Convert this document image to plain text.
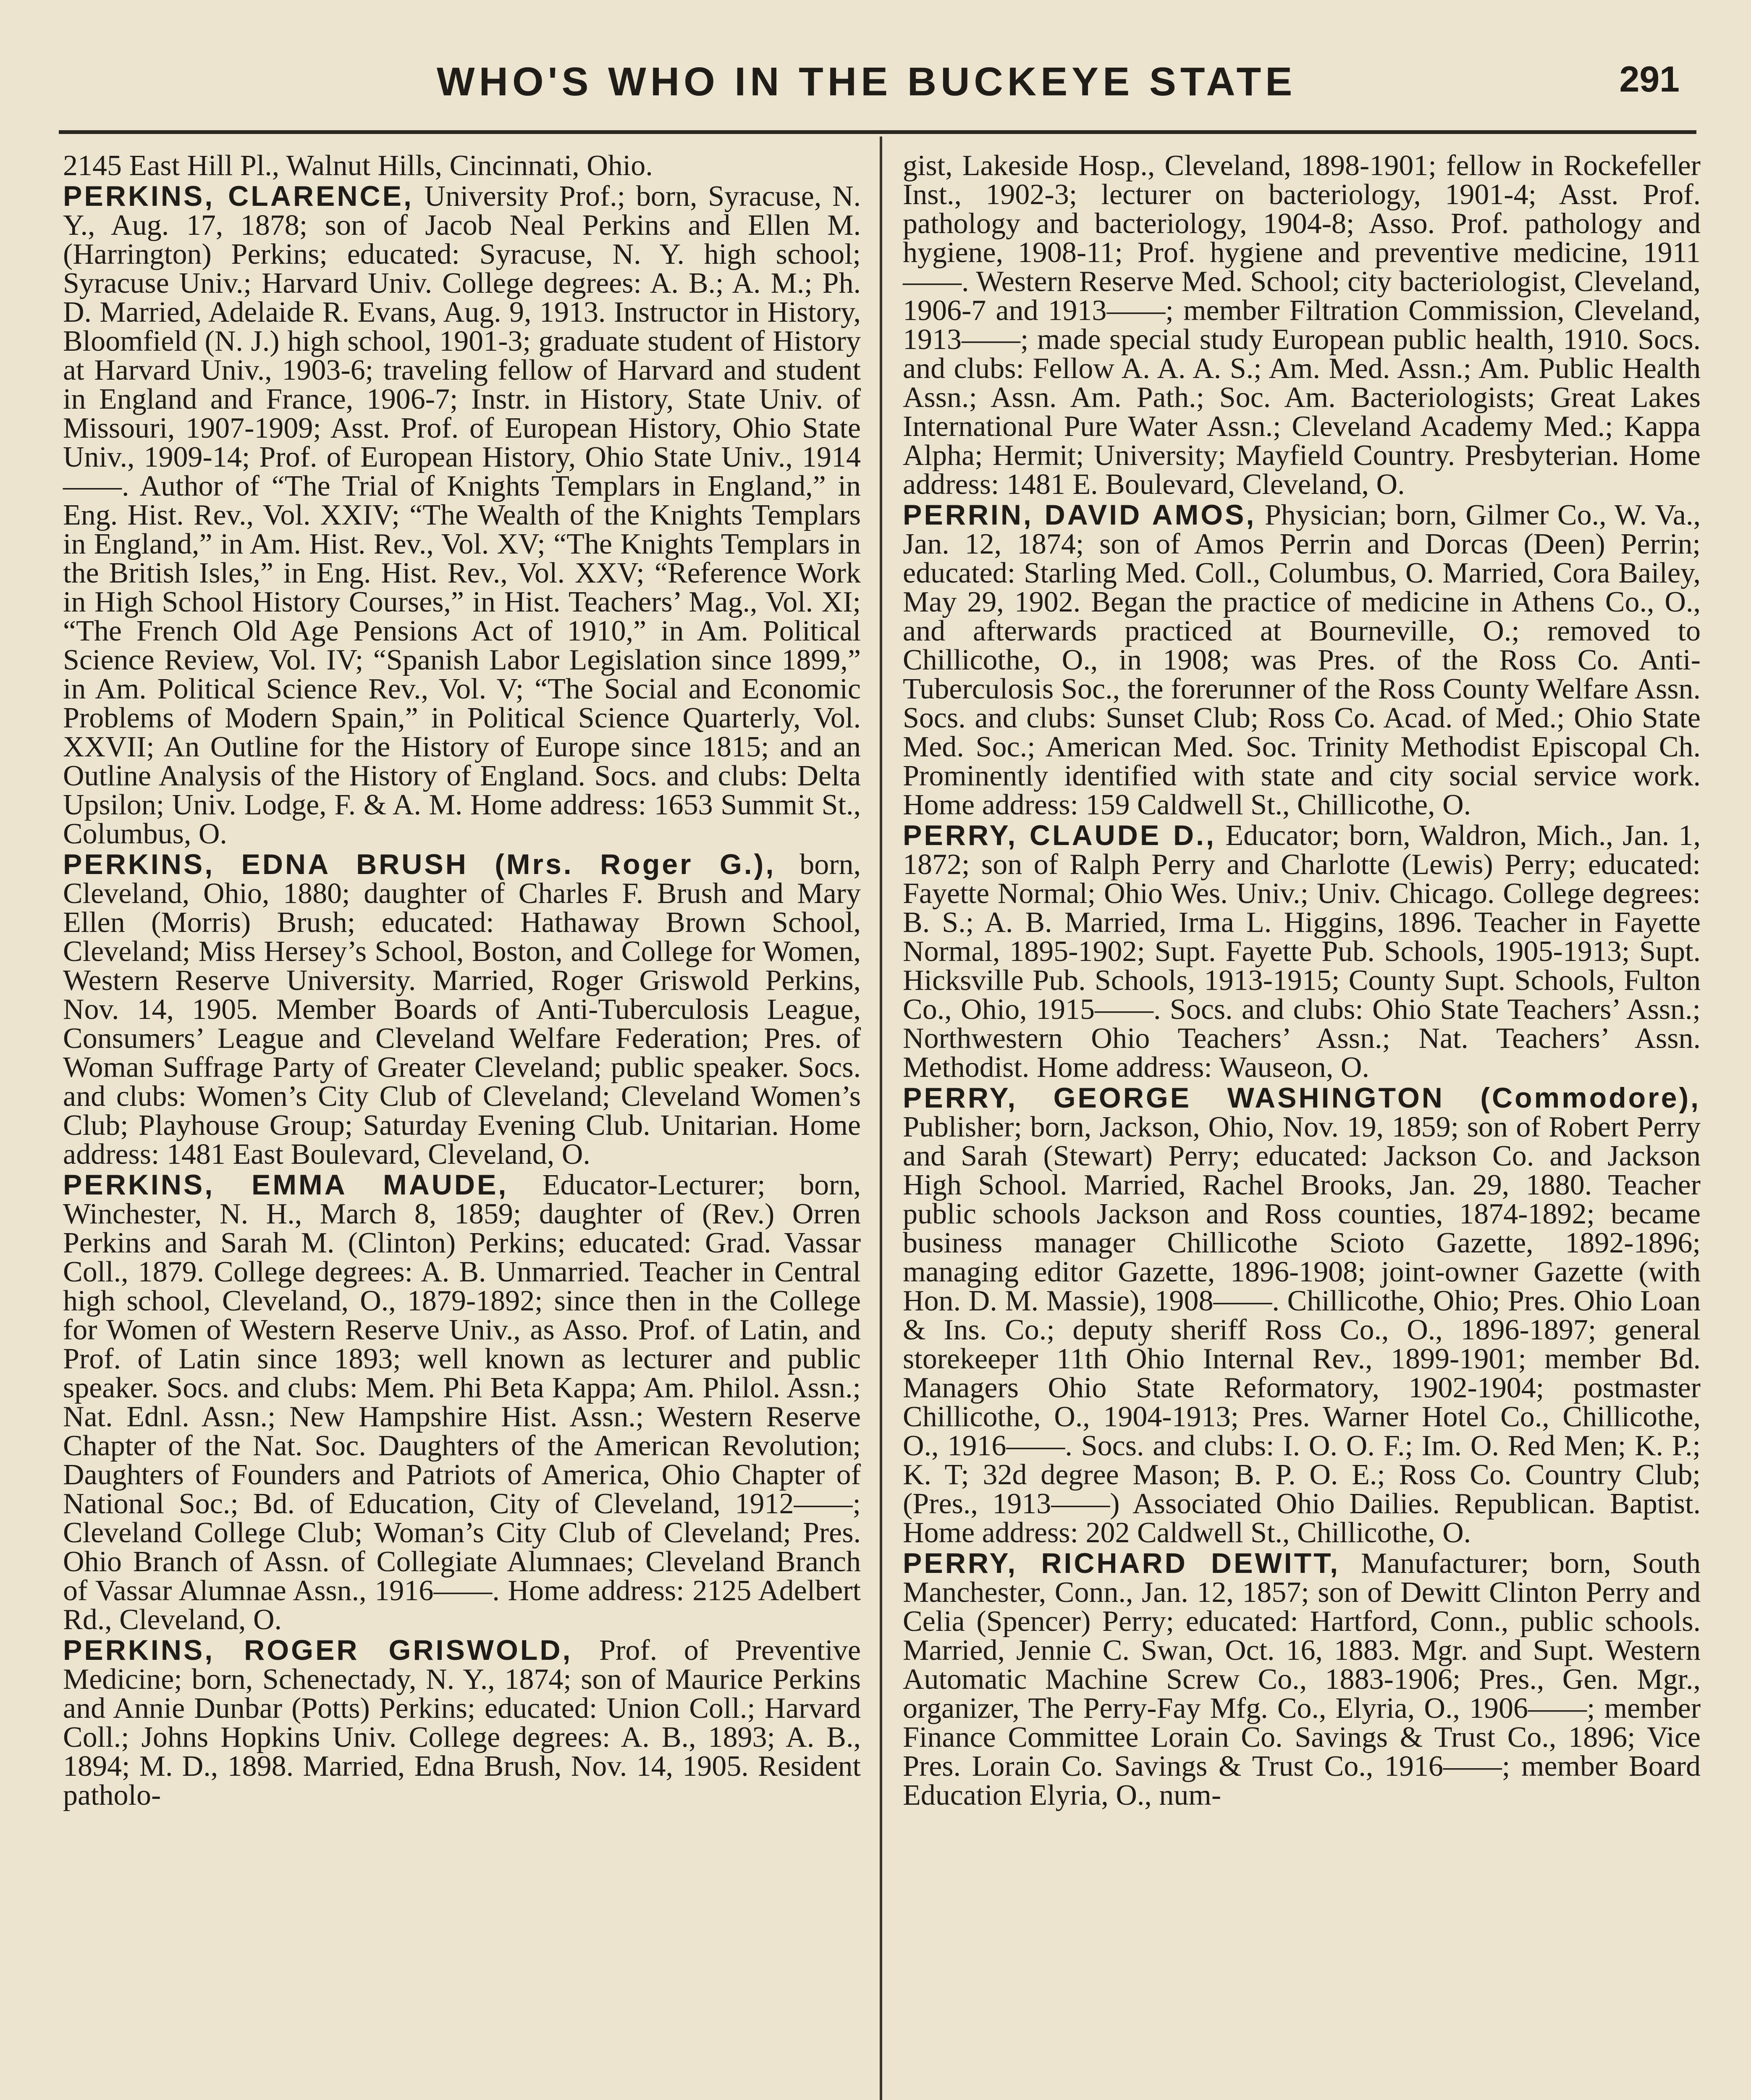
WHO'S WHO IN THE BUCKEYE STATE	291

2145 East Hill Pl., Walnut Hills, Cincinnati, Ohio.

PERKINS, CLARENCE, University Prof.; born, Syracuse, N. Y., Aug. 17, 1878; son of Jacob Neal Perkins and Ellen M. (Harrington) Perkins; educated: Syracuse, N. Y. high school; Syracuse Univ.; Harvard Univ. College degrees: A. B.; A. M.; Ph. D. Married, Adelaide R. Evans, Aug. 9, 1913. Instructor in History, Bloomfield (N. J.) high school, 1901-3; graduate student of History at Harvard Univ., 1903-6; traveling fellow of Harvard and student in England and France, 1906-7; Instr. in History, State Univ. of Missouri, 1907-1909; Asst. Prof. of European History, Ohio State Univ., 1909-14; Prof. of European History, Ohio State Univ., 1914——. Author of “The Trial of Knights Templars in England,” in Eng. Hist. Rev., Vol. XXIV; “The Wealth of the Knights Templars in England,” in Am. Hist. Rev., Vol. XV; “The Knights Templars in the British Isles,” in Eng. Hist. Rev., Vol. XXV; “Reference Work in High School History Courses,” in Hist. Teachers’ Mag., Vol. XI; “The French Old Age Pensions Act of 1910,” in Am. Political Science Review, Vol. IV; “Spanish Labor Legislation since 1899,” in Am. Political Science Rev., Vol. V; “The Social and Economic Problems of Modern Spain,” in Political Science Quarterly, Vol. XXVII; An Outline for the History of Europe since 1815; and an Outline Analysis of the History of England. Socs. and clubs: Delta Upsilon; Univ. Lodge, F. & A. M. Home address: 1653 Summit St., Columbus, O.

PERKINS, EDNA BRUSH (Mrs. Roger G.), born, Cleveland, Ohio, 1880; daughter of Charles F. Brush and Mary Ellen (Morris) Brush; educated: Hathaway Brown School, Cleveland; Miss Hersey’s School, Boston, and College for Women, Western Reserve University. Married, Roger Griswold Perkins, Nov. 14, 1905. Member Boards of Anti-Tuberculosis League, Consumers’ League and Cleveland Welfare Federation; Pres. of Woman Suffrage Party of Greater Cleveland; public speaker. Socs. and clubs: Women’s City Club of Cleveland; Cleveland Women’s Club; Playhouse Group; Saturday Evening Club. Unitarian. Home address: 1481 East Boulevard, Cleveland, O.

PERKINS, EMMA MAUDE, Educator-Lecturer; born, Winchester, N. H., March 8, 1859; daughter of (Rev.) Orren Perkins and Sarah M. (Clinton) Perkins; educated: Grad. Vassar Coll., 1879. College degrees: A. B. Unmarried. Teacher in Central high school, Cleveland, O., 1879-1892; since then in the College for Women of Western Reserve Univ., as Asso. Prof. of Latin, and Prof. of Latin since 1893; well known as lecturer and public speaker. Socs. and clubs: Mem. Phi Beta Kappa; Am. Philol. Assn.; Nat. Ednl. Assn.; New Hampshire Hist. Assn.; Western Reserve Chapter of the Nat. Soc. Daughters of the American Revolution; Daughters of Founders and Patriots of America, Ohio Chapter of National Soc.; Bd. of Education, City of Cleveland, 1912——; Cleveland College Club; Woman’s City Club of Cleveland; Pres. Ohio Branch of Assn. of Collegiate Alumnaes; Cleveland Branch of Vassar Alumnae Assn., 1916——. Home address: 2125 Adelbert Rd., Cleveland, O.

PERKINS, ROGER GRISWOLD, Prof. of Preventive Medicine; born, Schenectady, N. Y., 1874; son of Maurice Perkins and Annie Dunbar (Potts) Perkins; educated: Union Coll.; Harvard Coll.; Johns Hopkins Univ. College degrees: A. B., 1893; A. B., 1894; M. D., 1898. Married, Edna Brush, Nov. 14, 1905. Resident patholo-

gist, Lakeside Hosp., Cleveland, 1898-1901; fellow in Rockefeller Inst., 1902-3; lecturer on bacteriology, 1901-4; Asst. Prof. pathology and bacteriology, 1904-8; Asso. Prof. pathology and hygiene, 1908-11; Prof. hygiene and preventive medicine, 1911——. Western Reserve Med. School; city bacteriologist, Cleveland, 1906-7 and 1913——; member Filtration Commission, Cleveland, 1913——; made special study European public health, 1910. Socs. and clubs: Fellow A. A. A. S.; Am. Med. Assn.; Am. Public Health Assn.; Assn. Am. Path.; Soc. Am. Bacteriologists; Great Lakes International Pure Water Assn.; Cleveland Academy Med.; Kappa Alpha; Hermit; University; Mayfield Country. Presbyterian. Home address: 1481 E. Boulevard, Cleveland, O.

PERRIN, DAVID AMOS, Physician; born, Gilmer Co., W. Va., Jan. 12, 1874; son of Amos Perrin and Dorcas (Deen) Perrin; educated: Starling Med. Coll., Columbus, O. Married, Cora Bailey, May 29, 1902. Began the practice of medicine in Athens Co., O., and afterwards practiced at Bourneville, O.; removed to Chillicothe, O., in 1908; was Pres. of the Ross Co. Anti-Tuberculosis Soc., the forerunner of the Ross County Welfare Assn. Socs. and clubs: Sunset Club; Ross Co. Acad. of Med.; Ohio State Med. Soc.; American Med. Soc. Trinity Methodist Episcopal Ch. Prominently identified with state and city social service work. Home address: 159 Caldwell St., Chillicothe, O.

PERRY, CLAUDE D., Educator; born, Waldron, Mich., Jan. 1, 1872; son of Ralph Perry and Charlotte (Lewis) Perry; educated: Fayette Normal; Ohio Wes. Univ.; Univ. Chicago. College degrees: B. S.; A. B. Married, Irma L. Higgins, 1896. Teacher in Fayette Normal, 1895-1902; Supt. Fayette Pub. Schools, 1905-1913; Supt. Hicksville Pub. Schools, 1913-1915; County Supt. Schools, Fulton Co., Ohio, 1915——. Socs. and clubs: Ohio State Teachers’ Assn.; Northwestern Ohio Teachers’ Assn.; Nat. Teachers’ Assn. Methodist. Home address: Wauseon, O.

PERRY, GEORGE WASHINGTON (Commodore), Publisher; born, Jackson, Ohio, Nov. 19, 1859; son of Robert Perry and Sarah (Stewart) Perry; educated: Jackson Co. and Jackson High School. Married, Rachel Brooks, Jan. 29, 1880. Teacher public schools Jackson and Ross counties, 1874-1892; became business manager Chillicothe Scioto Gazette, 1892-1896; managing editor Gazette, 1896-1908; joint-owner Gazette (with Hon. D. M. Massie), 1908——. Chillicothe, Ohio; Pres. Ohio Loan & Ins. Co.; deputy sheriff Ross Co., O., 1896-1897; general storekeeper 11th Ohio Internal Rev., 1899-1901; member Bd. Managers Ohio State Reformatory, 1902-1904; postmaster Chillicothe, O., 1904-1913; Pres. Warner Hotel Co., Chillicothe, O., 1916——. Socs. and clubs: I. O. O. F.; Im. O. Red Men; K. P.; K. T; 32d degree Mason; B. P. O. E.; Ross Co. Country Club; (Pres., 1913——) Associated Ohio Dailies. Republican. Baptist. Home address: 202 Caldwell St., Chillicothe, O.

PERRY, RICHARD DEWITT, Manufacturer; born, South Manchester, Conn., Jan. 12, 1857; son of Dewitt Clinton Perry and Celia (Spencer) Perry; educated: Hartford, Conn., public schools. Married, Jennie C. Swan, Oct. 16, 1883. Mgr. and Supt. Western Automatic Machine Screw Co., 1883-1906; Pres., Gen. Mgr., organizer, The Perry-Fay Mfg. Co., Elyria, O., 1906——; member Finance Committee Lorain Co. Savings & Trust Co., 1896; Vice Pres. Lorain Co. Savings & Trust Co., 1916——; member Board Education Elyria, O., num-
